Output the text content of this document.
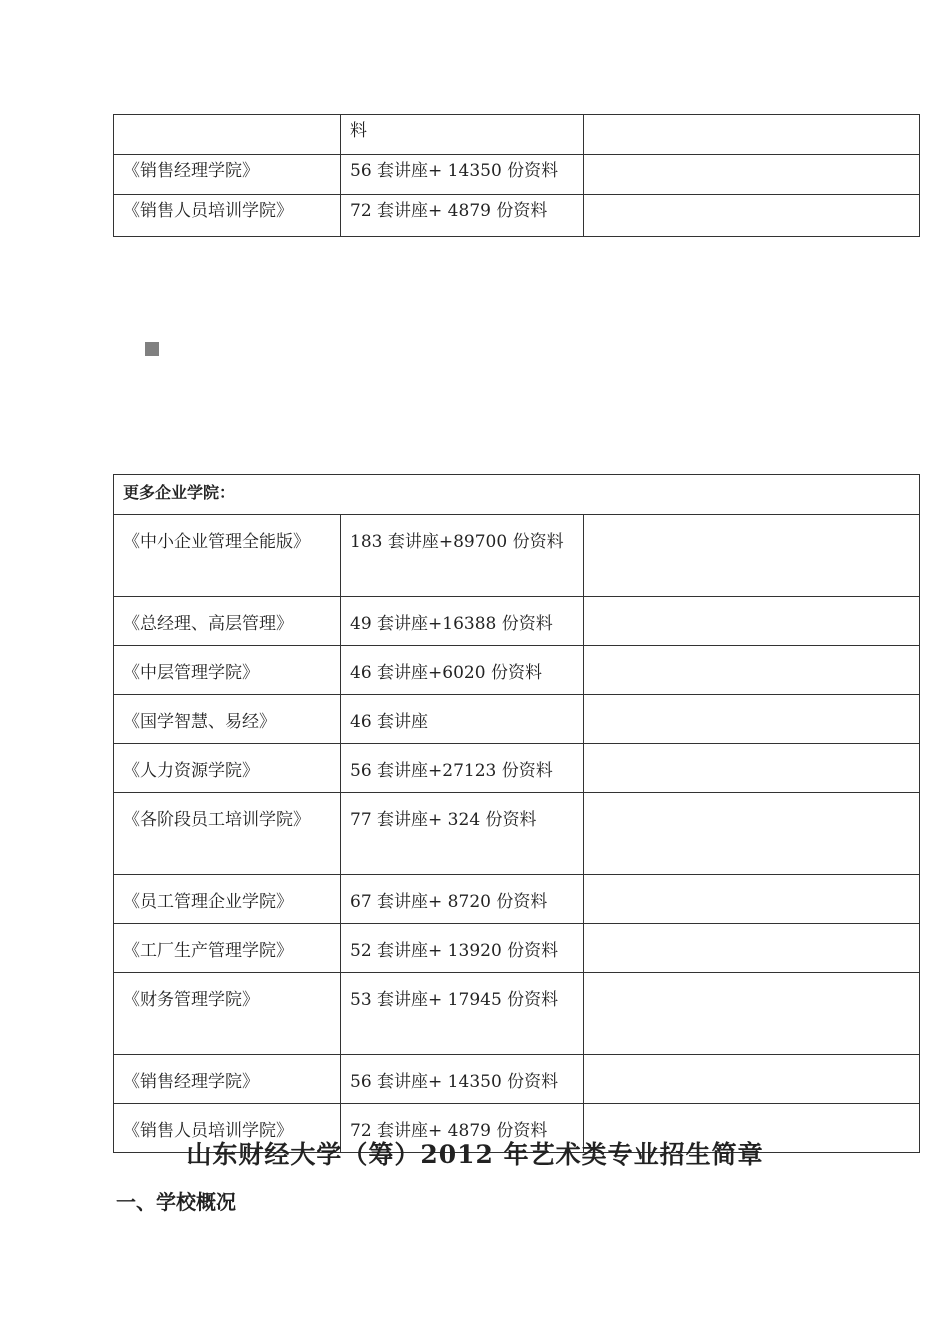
	料	
《销售经理学院》	56 套讲座+ 14350 份资料	
《销售人员培训学院》	72 套讲座+ 4879 份资料	
更多企业学院：		
《中小企业管理全能版》	183 套讲座+89700 份资料	
《总经理、高层管理》	49 套讲座+16388 份资料	
《中层管理学院》	46 套讲座+6020 份资料	
《国学智慧、易经》	46 套讲座	
《人力资源学院》	56 套讲座+27123 份资料	
《各阶段员工培训学院》	77 套讲座+ 324 份资料	
《员工管理企业学院》	67 套讲座+ 8720 份资料	
《工厂生产管理学院》	52 套讲座+ 13920 份资料	
《财务管理学院》	53 套讲座+ 17945 份资料	
《销售经理学院》	56 套讲座+ 14350 份资料	
《销售人员培训学院》	72 套讲座+ 4879 份资料	
山东财经大学（筹）2012 年艺术类专业招生简章
一、学校概况
